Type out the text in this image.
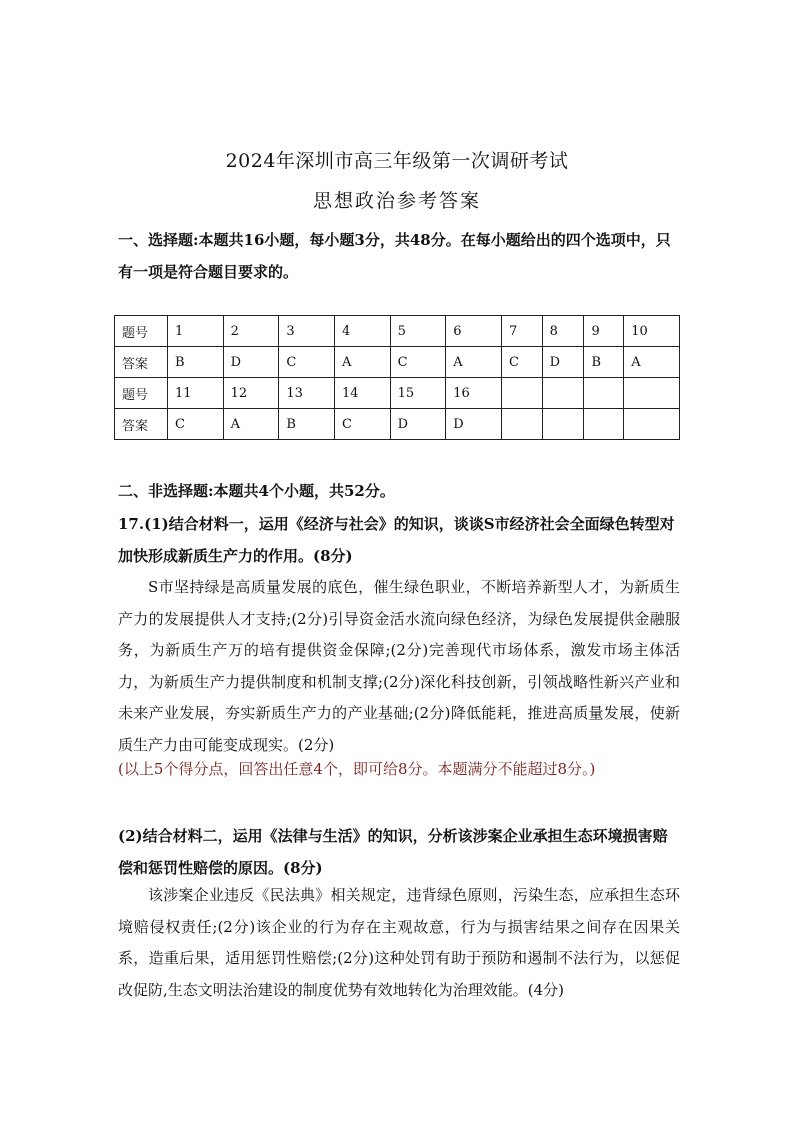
2024年深圳市高三年级第一次调研考试
思想政治参考答案
一、选择题:本题共16小题，每小题3分，共48分。在每小题给出的四个选项中，只有一项是符合题目要求的。
题号	1	2	3	4	5	6	7	8	9	10
答案	B	D	C	A	C	A	C	D	B	A
题号	11	12	13	14	15	16				
答案	C	A	B	C	D	D				
二、非选择题:本题共4个小题，共52分。
17.(1)结合材料一，运用《经济与社会》的知识，谈谈S市经济社会全面绿色转型对加快形成新质生产力的作用。(8分)
S市坚持绿是高质量发展的底色，催生绿色职业，不断培养新型人才，为新质生产力的发展提供人才支持;(2分)引导资金活水流向绿色经济，为绿色发展提供金融服务，为新质生产万的培有提供资金保障;(2分)完善现代市场体系，激发市场主体活力，为新质生产力提供制度和机制支撑;(2分)深化科技创新，引领战略性新兴产业和未来产业发展，夯实新质生产力的产业基础;(2分)降低能耗，推进高质量发展，使新质生产力由可能变成现实。(2分)
(以上5个得分点，回答出任意4个，即可给8分。本题满分不能超过8分。)
(2)结合材料二，运用《法律与生活》的知识，分析该涉案企业承担生态环境损害赔偿和惩罚性赔偿的原因。(8分)
该涉案企业违反《民法典》相关规定，违背绿色原则，污染生态，应承担生态环境赔侵权责任;(2分)该企业的行为存在主观故意，行为与损害结果之间存在因果关系，造重后果，适用惩罚性赔偿;(2分)这种处罚有助于预防和遏制不法行为，以惩促改促防,生态文明法治建设的制度优势有效地转化为治理效能。(4分)
